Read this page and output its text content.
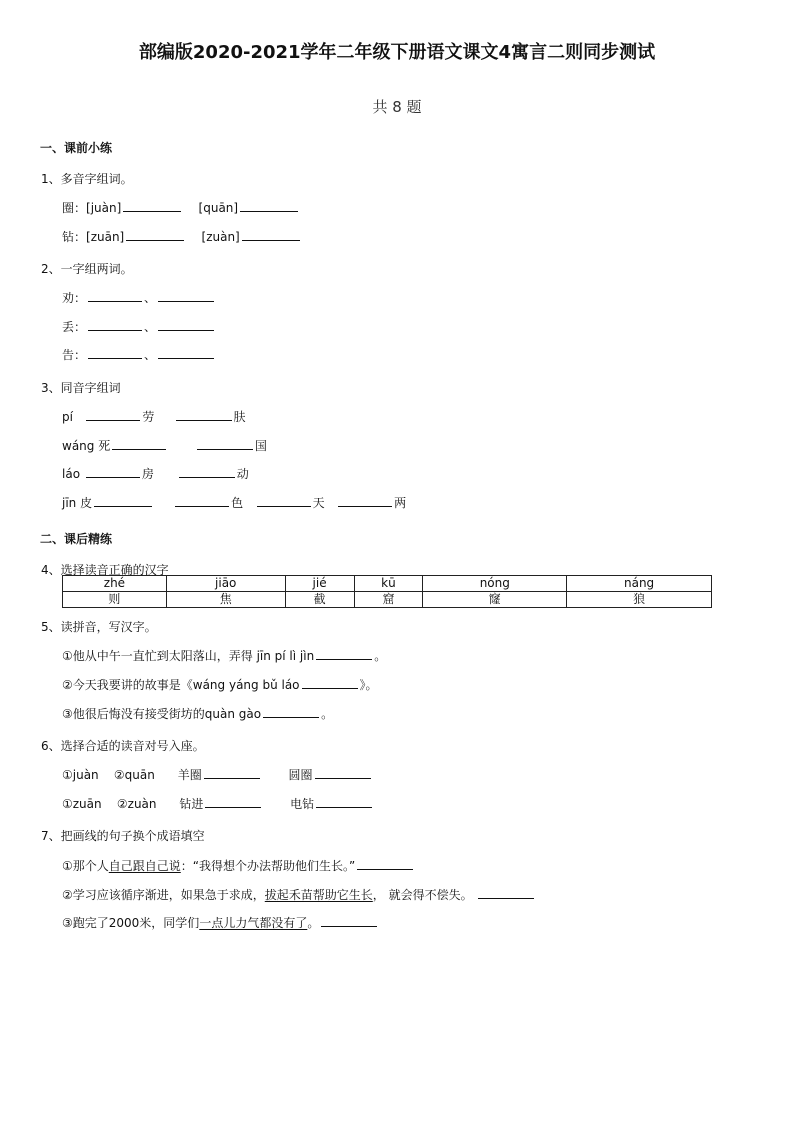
部编版2020-2021学年二年级下册语文课文4寓言二则同步测试
共 8 题
一、课前小练
1、多音字组词。
圈：[juàn]	[quān]
钻：[zuān]	[zuàn]
2、一字组两词。
劝：	、
丢：	、
告：	、
3、同音字组词
pí	劳	肤
wáng 死	国
láo	房	动
jīn 皮	色	天	两
二、课后精练
4、选择读音正确的汉字
zhé	jiāo	jié	kū	nóng	náng
则	焦	截	窟	窿	狼
5、读拼音，写汉字。
①他从中午一直忙到太阳落山，弄得 jīn pí lì jìn	。
②今天我要讲的故事是《wáng yáng bǔ láo	》。
③他很后悔没有接受街坊的quàn gào	。
6、选择合适的读音对号入座。
①juàn ②quān 羊圈	圆圈
①zuān ②zuàn 钻进	电钻
7、把画线的句子换个成语填空
①那个人自己跟自己说：“我得想个办法帮助他们生长。”
②学习应该循序渐进，如果急于求成，拔起禾苗帮助它生长， 就会得不偿失。
③跑完了2000米，同学们一点儿力气都没有了。
